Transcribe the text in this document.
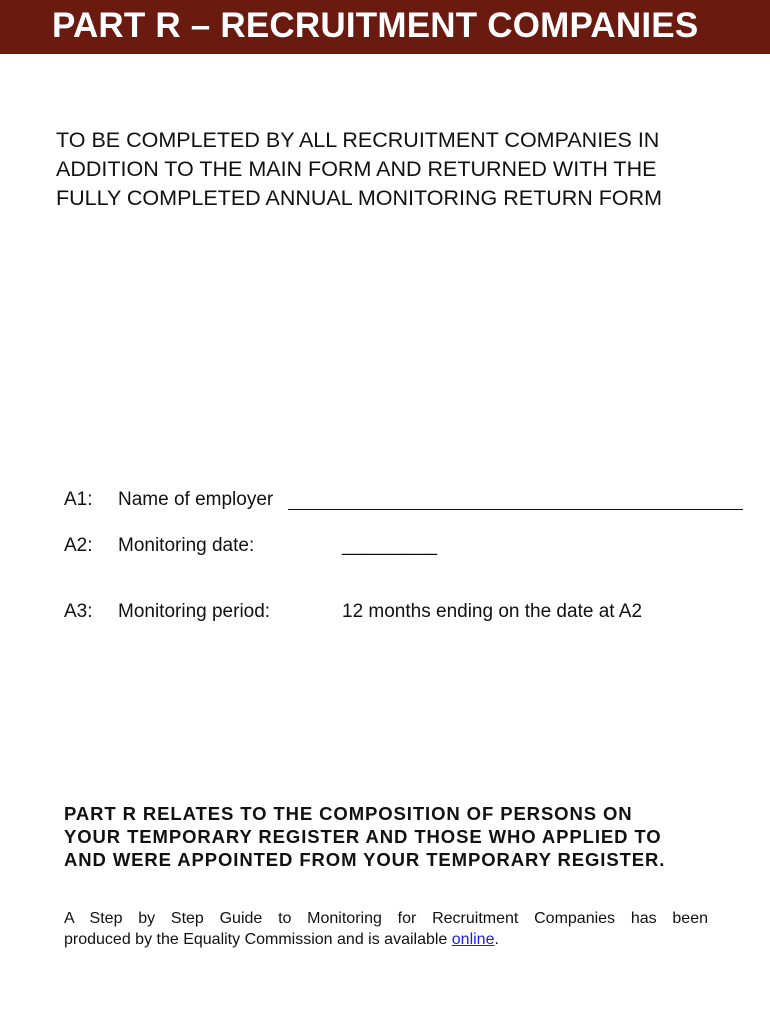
PART R – RECRUITMENT COMPANIES
TO BE COMPLETED BY ALL RECRUITMENT COMPANIES IN
ADDITION TO THE MAIN FORM AND RETURNED WITH THE
FULLY COMPLETED ANNUAL MONITORING RETURN FORM
A1: Name of employer
A2: Monitoring date:	_________
A3: Monitoring period:	12 months ending on the date at A2
PART R RELATES TO THE COMPOSITION OF PERSONS ON
YOUR TEMPORARY REGISTER AND THOSE WHO APPLIED TO
AND WERE APPOINTED FROM YOUR TEMPORARY REGISTER.
A Step by Step Guide to Monitoring for Recruitment Companies has been
produced by the Equality Commission and is available online.
